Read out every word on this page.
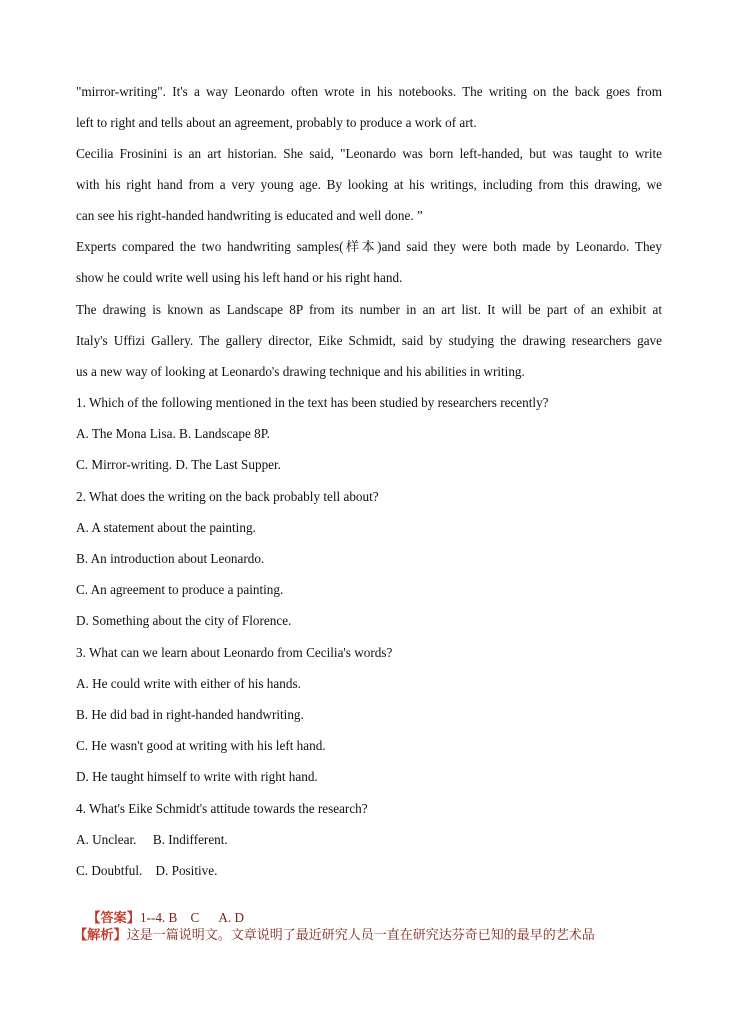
"mirror-writing". It's a way Leonardo often wrote in his notebooks. The writing on the back goes from
left to right and tells about an agreement, probably to produce a work of art.
Cecilia Frosinini is an art historian. She said, "Leonardo was born left-handed, but was taught to write
with his right hand from a very young age. By looking at his writings, including from this drawing, we
can see his right-handed handwriting is educated and well done. ”
Experts compared the two handwriting samples(样本)and said they were both made by Leonardo. They
show he could write well using his left hand or his right hand.
The drawing is known as Landscape 8P from its number in an art list. It will be part of an exhibit at
Italy's Uffizi Gallery. The gallery director, Eike Schmidt, said by studying the drawing researchers gave
us a new way of looking at Leonardo's drawing technique and his abilities in writing.
1. Which of the following mentioned in the text has been studied by researchers recently?
A. The Mona Lisa. B. Landscape 8P.
C. Mirror-writing. D. The Last Supper.
2. What does the writing on the back probably tell about?
A. A statement about the painting.
B. An introduction about Leonardo.
C. An agreement to produce a painting.
D. Something about the city of Florence.
3. What can we learn about Leonardo from Cecilia's words?
A. He could write with either of his hands.
B. He did bad in right-handed handwriting.
C. He wasn't good at writing with his left hand.
D. He taught himself to write with right hand.
4. What's Eike Schmidt's attitude towards the research?
A. Unclear.     B. Indifferent.
C. Doubtful.    D. Positive.

【答案】1--4. B    C      A. D

【解析】这是一篇说明文。文章说明了最近研究人员一直在研究达芬奇已知的最早的艺术品
